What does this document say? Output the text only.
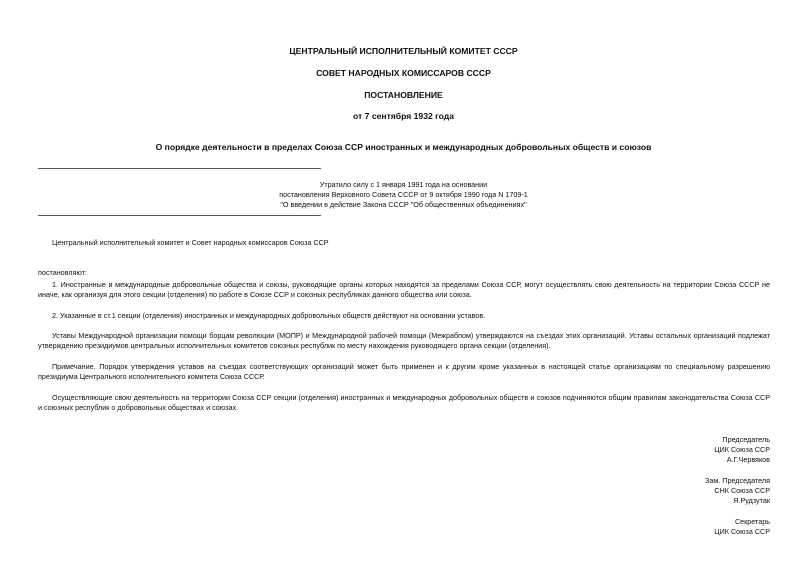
ЦЕНТРАЛЬНЫЙ ИСПОЛНИТЕЛЬНЫЙ КОМИТЕТ СССР
СОВЕТ НАРОДНЫХ КОМИССАРОВ СССР
ПОСТАНОВЛЕНИЕ
от 7 сентября 1932 года
О порядке деятельности в пределах Союза ССР иностранных и международных добровольных обществ и союзов
Утратило силу с 1 января 1991 года на основании
постановления Верховного Совета СССР от 9 октября 1990 года N 1709-1
"О введении в действие Закона СССР "Об общественных объединениях"
Центральный исполнительный комитет и Совет народных комиссаров Союза ССР
постановляют:
1. Иностранные и международные добровольные общества и союзы, руководящие органы которых находятся за пределами Союза ССР, могут осуществлять свою деятельность на территории Союза СССР не иначе, как организуя для этого секции (отделения) по работе в Союзе ССР и союзных республиках данного общества или союза.
2. Указанные в ст.1 секции (отделения) иностранных и международных добровольных обществ действуют на основании уставов.
Уставы Международной организации помощи борцам революции (МОПР) и Международной рабочей помощи (Межрабпом) утверждаются на съездах этих организаций. Уставы остальных организаций подлежат утверждению президиумов центральных исполнительных комитетов союзных республик по месту нахождения руководящего органа секции (отделения).
Примечание. Порядок утверждения уставов на съездах соответствующих организаций может быть применен и к другим кроме указанных в настоящей статье организациям по специальному разрешению президиума Центрального исполнительного комитета Союза СССР.
Осуществляющие свою деятельность на территории Союза ССР секции (отделения) иностранных и международных добровольных обществ и союзов подчиняются общим правилам законодательства Союза ССР и союзных республик о добровольных обществах и союзах.
Председатель
ЦИК Союза ССР
А.Г.Червяков
Зам. Председателя
СНК Союза ССР
Я.Рудзутак
Секретарь
ЦИК Союза ССР
